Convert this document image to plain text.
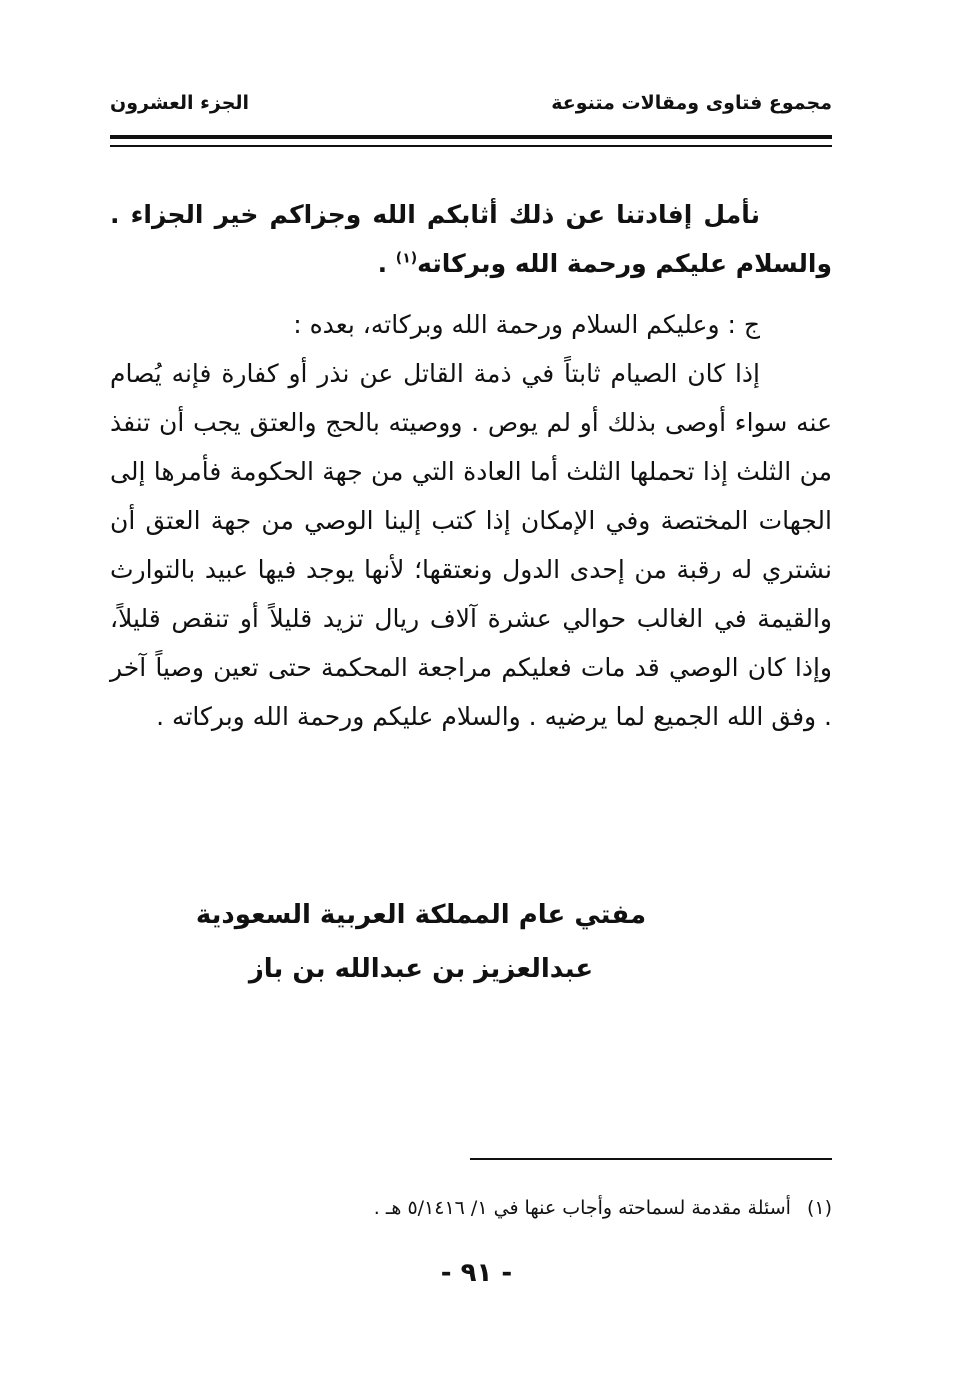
مجموع فتاوى ومقالات متنوعة
الجزء العشرون

نأمل إفادتنا عن ذلك أثابكم الله وجزاكم خير الجزاء . والسلام عليكم ورحمة الله وبركاته$^{(١)}$ .

ج : وعليكم السلام ورحمة الله وبركاته، بعده :

إذا كان الصيام ثابتاً في ذمة القاتل عن نذر أو كفارة فإنه يُصام عنه سواء أوصى بذلك أو لم يوص . ووصيته بالحج والعتق يجب أن تنفذ من الثلث إذا تحملها الثلث أما العادة التي من جهة الحكومة فأمرها إلى الجهات المختصة وفي الإمكان إذا كتب إلينا الوصي من جهة العتق أن نشتري له رقبة من إحدى الدول ونعتقها؛ لأنها يوجد فيها عبيد بالتوارث والقيمة في الغالب حوالي عشرة آلاف ريال تزيد قليلاً أو تنقص قليلاً، وإذا كان الوصي قد مات فعليكم مراجعة المحكمة حتى تعين وصياً آخر . وفق الله الجميع لما يرضيه . والسلام عليكم ورحمة الله وبركاته .

مفتي عام المملكة العربية السعودية
عبدالعزيز بن عبدالله بن باز
(١)أسئلة مقدمة لسماحته وأجاب عنها في ١/ ٥/١٤١٦ هـ .
- ٩١ -
